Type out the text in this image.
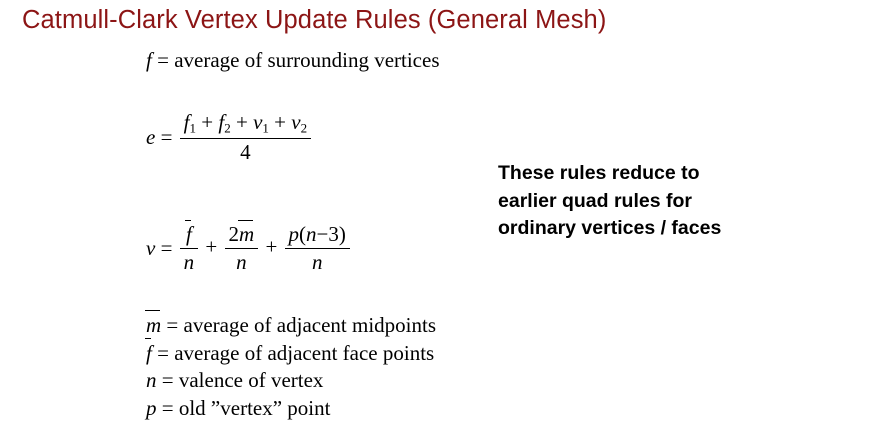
Catmull-Clark Vertex Update Rules (General Mesh)
f = average of surrounding vertices
$e = \frac{f_1 + f_2 + v_1 + v_2}{4}$
$v = \frac{f}{n} + \frac{2m}{n} + \frac{p(n-3)}{n}$
m = average of adjacent midpoints
f = average of adjacent face points
n = valence of vertex
p = old ”vertex” point
These rules reduce to
earlier quad rules for
ordinary vertices / faces
